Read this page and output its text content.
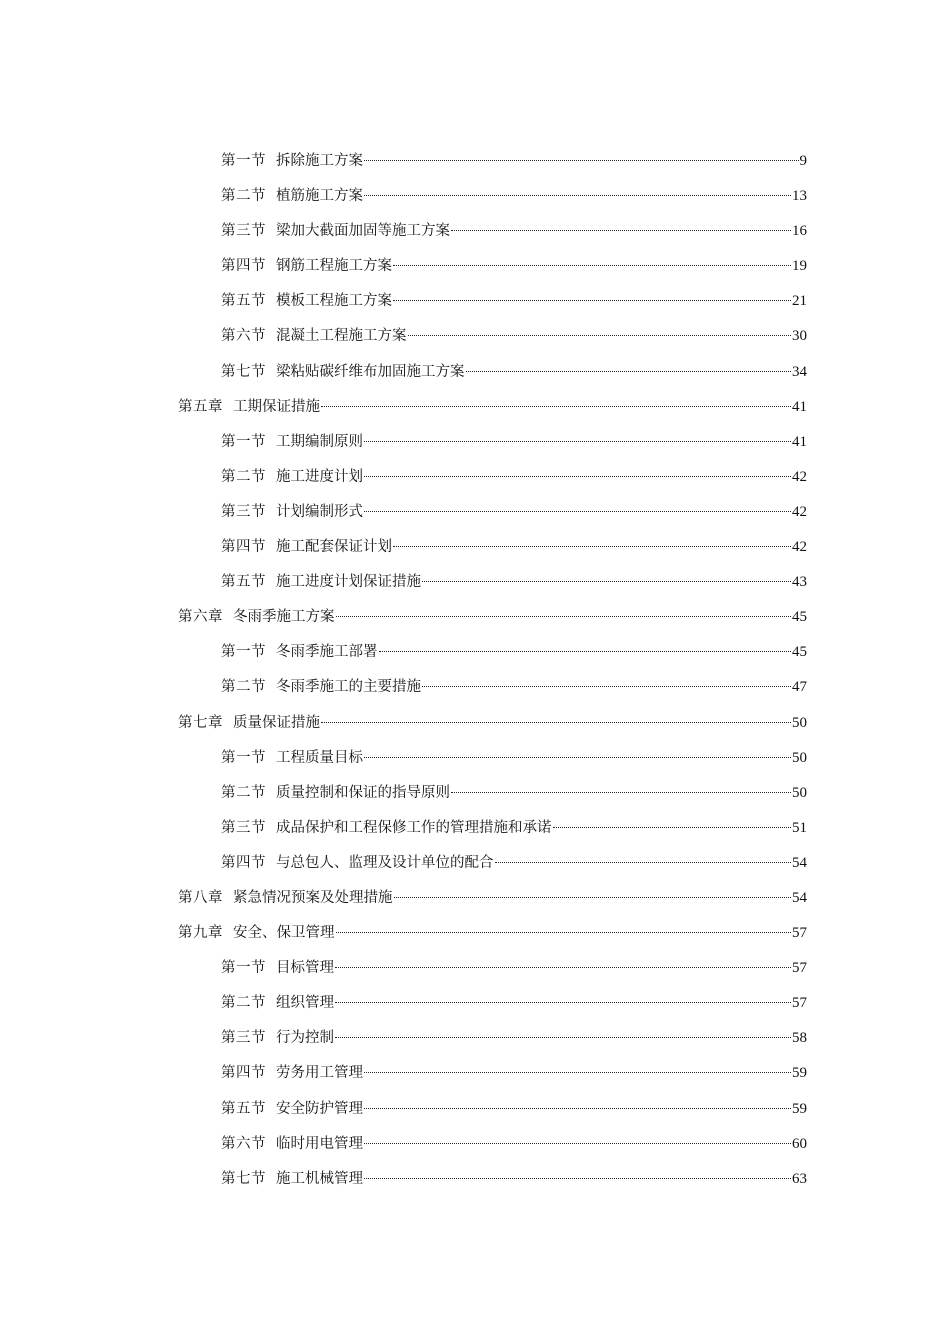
第一节 拆除施工方案	9
第二节 植筋施工方案	13
第三节 梁加大截面加固等施工方案	16
第四节 钢筋工程施工方案	19
第五节 模板工程施工方案	21
第六节 混凝土工程施工方案	30
第七节 梁粘贴碳纤维布加固施工方案	34
第五章 工期保证措施	41
第一节 工期编制原则	41
第二节 施工进度计划	42
第三节 计划编制形式	42
第四节 施工配套保证计划	42
第五节 施工进度计划保证措施	43
第六章 冬雨季施工方案	45
第一节 冬雨季施工部署	45
第二节 冬雨季施工的主要措施	47
第七章 质量保证措施	50
第一节 工程质量目标	50
第二节 质量控制和保证的指导原则	50
第三节 成品保护和工程保修工作的管理措施和承诺	51
第四节 与总包人、监理及设计单位的配合	54
第八章 紧急情况预案及处理措施	54
第九章 安全、保卫管理	57
第一节 目标管理	57
第二节 组织管理	57
第三节 行为控制	58
第四节 劳务用工管理	59
第五节 安全防护管理	59
第六节 临时用电管理	60
第七节 施工机械管理	63
